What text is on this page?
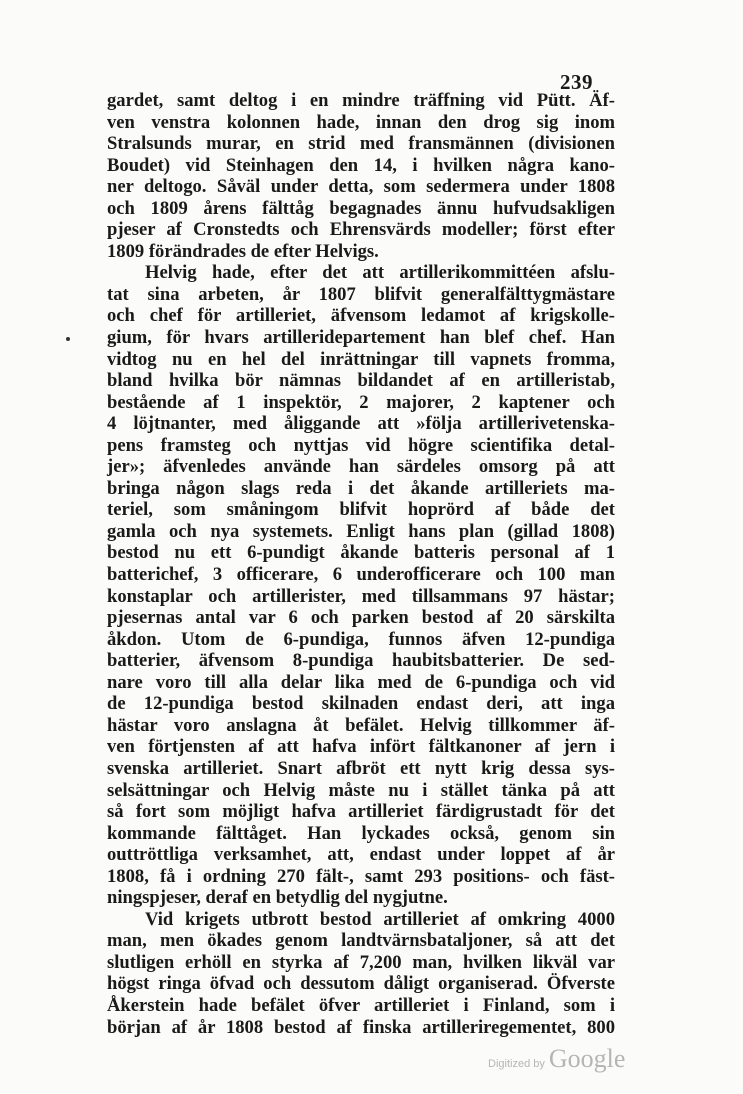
239
gardet, samt deltog i en mindre träffning vid Pütt. Äf-
ven venstra kolonnen hade, innan den drog sig inom
Stralsunds murar, en strid med fransmännen (divisionen
Boudet) vid Steinhagen den 14, i hvilken några kano-
ner deltogo. Såväl under detta, som sedermera under 1808
och 1809 årens fälttåg begagnades ännu hufvudsakligen
pjeser af Cronstedts och Ehrensvärds modeller; först efter
1809 förändrades de efter Helvigs.
Helvig hade, efter det att artillerikommittéen afslu-
tat sina arbeten, år 1807 blifvit generalfälttygmästare
och chef för artilleriet, äfvensom ledamot af krigskolle-
gium, för hvars artilleridepartement han blef chef. Han
vidtog nu en hel del inrättningar till vapnets fromma,
bland hvilka bör nämnas bildandet af en artilleristab,
bestående af 1 inspektör, 2 majorer, 2 kaptener och
4 löjtnanter, med åliggande att »följa artillerivetenska-
pens framsteg och nyttjas vid högre scientifika detal-
jer»; äfvenledes använde han särdeles omsorg på att
bringa någon slags reda i det åkande artilleriets ma-
teriel, som småningom blifvit hoprörd af både det
gamla och nya systemets. Enligt hans plan (gillad 1808)
bestod nu ett 6-pundigt åkande batteris personal af 1
batterichef, 3 officerare, 6 underofficerare och 100 man
konstaplar och artillerister, med tillsammans 97 hästar;
pjesernas antal var 6 och parken bestod af 20 särskilta
åkdon. Utom de 6-pundiga, funnos äfven 12-pundiga
batterier, äfvensom 8-pundiga haubitsbatterier. De sed-
nare voro till alla delar lika med de 6-pundiga och vid
de 12-pundiga bestod skilnaden endast deri, att inga
hästar voro anslagna åt befälet. Helvig tillkommer äf-
ven förtjensten af att hafva infört fältkanoner af jern i
svenska artilleriet. Snart afbröt ett nytt krig dessa sys-
selsättningar och Helvig måste nu i stället tänka på att
så fort som möjligt hafva artilleriet färdigrustadt för det
kommande fälttåget. Han lyckades också, genom sin
outtröttliga verksamhet, att, endast under loppet af år
1808, få i ordning 270 fält-, samt 293 positions- och fäst-
ningspjeser, deraf en betydlig del nygjutne.
Vid krigets utbrott bestod artilleriet af omkring 4000
man, men ökades genom landtvärnsbataljoner, så att det
slutligen erhöll en styrka af 7,200 man, hvilken likväl var
högst ringa öfvad och dessutom dåligt organiserad. Öfverste
Åkerstein hade befälet öfver artilleriet i Finland, som i
början af år 1808 bestod af finska artilleriregementet, 800
Digitized by Google
